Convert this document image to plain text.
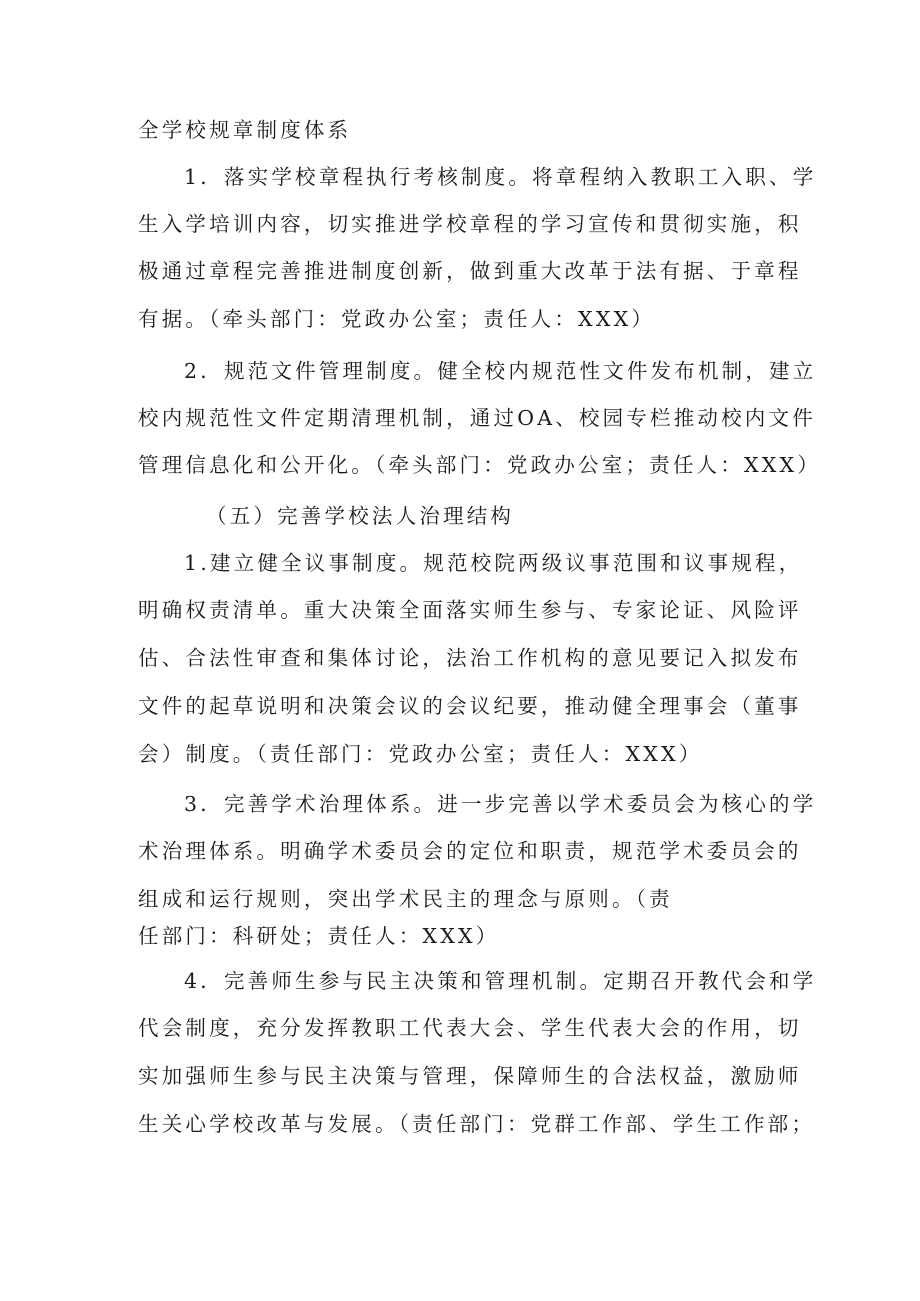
全学校规章制度体系
1．落实学校章程执行考核制度。将章程纳入教职工入职、学
生入学培训内容，切实推进学校章程的学习宣传和贯彻实施，积
极通过章程完善推进制度创新，做到重大改革于法有据、于章程
有据。（牵头部门：党政办公室；责任人：XXX）
2．规范文件管理制度。健全校内规范性文件发布机制，建立
校内规范性文件定期清理机制，通过OA、校园专栏推动校内文件
管理信息化和公开化。（牵头部门：党政办公室；责任人：XXX）
（五）完善学校法人治理结构
1.建立健全议事制度。规范校院两级议事范围和议事规程，
明确权责清单。重大决策全面落实师生参与、专家论证、风险评
估、合法性审查和集体讨论，法治工作机构的意见要记入拟发布
文件的起草说明和决策会议的会议纪要，推动健全理事会（董事
会）制度。（责任部门：党政办公室；责任人：XXX）
3．完善学术治理体系。进一步完善以学术委员会为核心的学
术治理体系。明确学术委员会的定位和职责，规范学术委员会的
组成和运行规则，突出学术民主的理念与原则。（责
任部门：科研处；责任人：XXX）
4．完善师生参与民主决策和管理机制。定期召开教代会和学
代会制度，充分发挥教职工代表大会、学生代表大会的作用，切
实加强师生参与民主决策与管理，保障师生的合法权益，激励师
生关心学校改革与发展。（责任部门：党群工作部、学生工作部；
